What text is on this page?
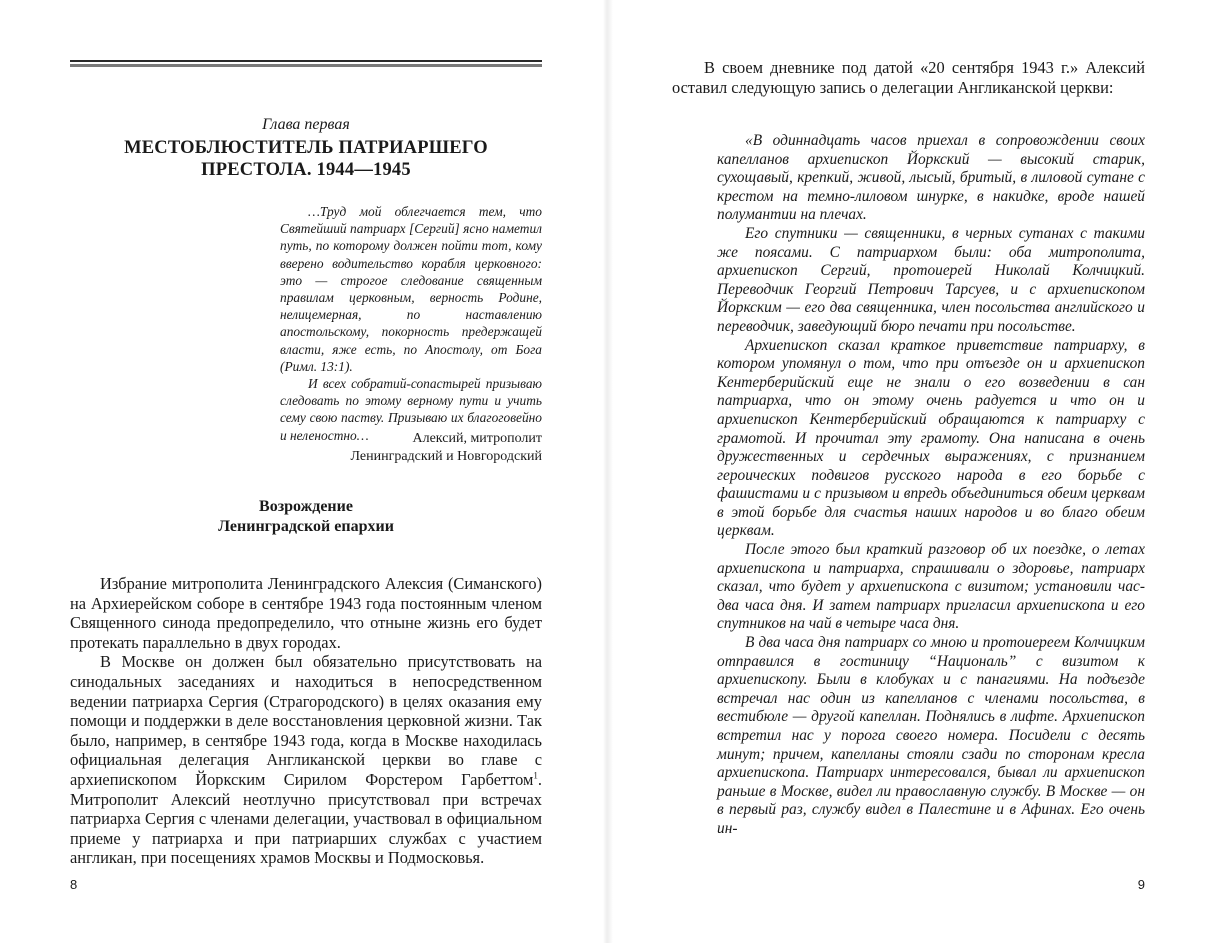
Глава первая
МЕСТОБЛЮСТИТЕЛЬ ПАТРИАРШЕГО
ПРЕСТОЛА. 1944—1945

…Труд мой облегчается тем, что Святейший патриарх [Сергий] ясно наметил путь, по которому должен пойти тот, кому вверено водительство корабля церковного: это — строгое следование священным правилам церковным, верность Родине, нелицемерная, по наставлению апостольскому, покорность предержащей власти, яже есть, по Апостолу, от Бога (Римл. 13:1).

И всех собратий-сопастырей призываю следовать по этому верному пути и учить сему свою паству. Призываю их благоговейно и неленостно…	Алексий, митрополит
Ленинградский и Новгородский
Возрождение
Ленинградской епархии

Избрание митрополита Ленинградского Алексия (Симанского) на Архиерейском соборе в сентябре 1943 года постоянным членом Священного синода предопределило, что отныне жизнь его будет протекать параллельно в двух городах.

В Москве он должен был обязательно присутствовать на синодальных заседаниях и находиться в непосредственном ведении патриарха Сергия (Страгородского) в целях оказания ему помощи и поддержки в деле восстановления церковной жизни. Так было, например, в сентябре 1943 года, когда в Москве находилась официальная делегация Англиканской церкви во главе с архиепископом Йоркским Сирилом Форстером Гарбеттом$^1$. Митрополит Алексий неотлучно присутствовал при встречах патриарха Сергия с членами делегации, участвовал в официальном приеме у патриарха и при патриарших службах с участием англикан, при посещениях храмов Москвы и Подмосковья.

8

В своем дневнике под датой «20 сентября 1943 г.» Алексий оставил следующую запись о делегации Англиканской церкви:

«В одиннадцать часов приехал в сопровождении своих капелланов архиепископ Йоркский — высокий старик, сухощавый, крепкий, живой, лысый, бритый, в лиловой сутане с крестом на темно-лиловом шнурке, в накидке, вроде нашей полумантии на плечах.

Его спутники — священники, в черных сутанах с такими же поясами. С патриархом были: оба митрополита, архиепископ Сергий, протоиерей Николай Колчицкий. Переводчик Георгий Петрович Тарсуев, и с архиепископом Йоркским — его два священника, член посольства английского и переводчик, заведующий бюро печати при посольстве.

Архиепископ сказал краткое приветствие патриарху, в котором упомянул о том, что при отъезде он и архиепископ Кентерберийский еще не знали о его возведении в сан патриарха, что он этому очень радуется и что он и архиепископ Кентерберийский обращаются к патриарху с грамотой. И прочитал эту грамоту. Она написана в очень дружественных и сердечных выражениях, с признанием героических подвигов русского народа в его борьбе с фашистами и с призывом и впредь объединиться обеим церквам в этой борьбе для счастья наших народов и во благо обеим церквам.

После этого был краткий разговор об их поездке, о летах архиепископа и патриарха, спрашивали о здоровье, патриарх сказал, что будет у архиепископа с визитом; установили час-два часа дня. И затем патриарх пригласил архиепископа и его спутников на чай в четыре часа дня.

В два часа дня патриарх со мною и протоиереем Колчицким отправился в гостиницу “Националь” с визитом к архиепископу. Были в клобуках и с панагиями. На подъезде встречал нас один из капелланов с членами посольства, в вестибюле — другой капеллан. Поднялись в лифте. Архиепископ встретил нас у порога своего номера. Посидели с десять минут; причем, капелланы стояли сзади по сторонам кресла архиепископа. Патриарх интересовался, бывал ли архиепископ раньше в Москве, видел ли православную службу. В Москве — он в первый раз, службу видел в Палестине и в Афинах. Его очень ин-

9
